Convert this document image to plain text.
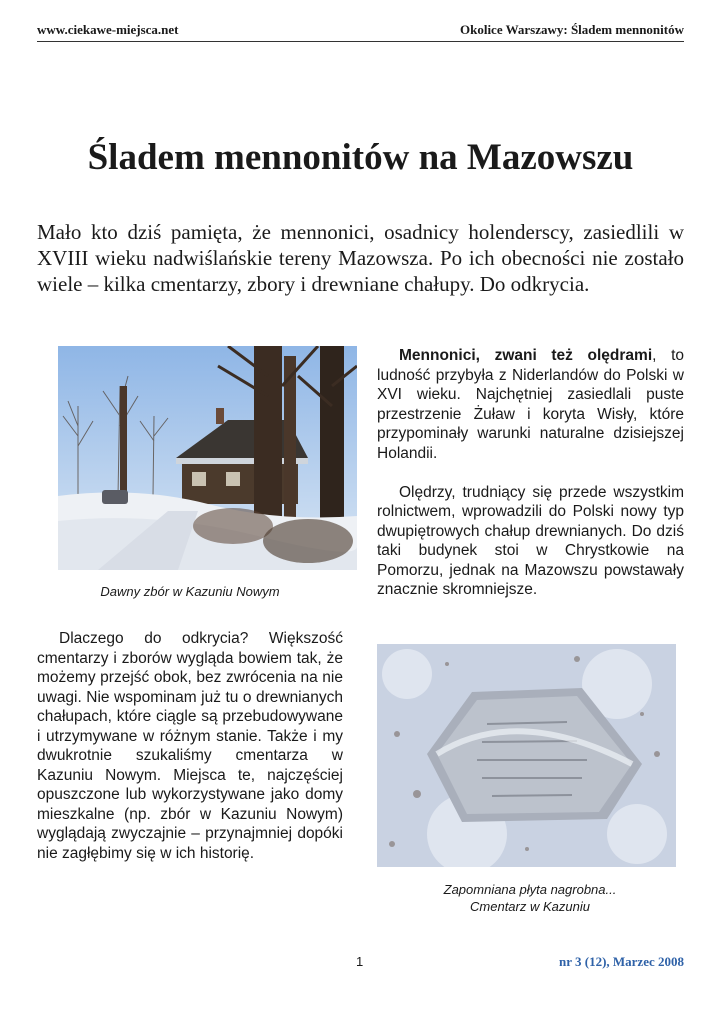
www.ciekawe-miejsca.net	Okolice Warszawy: Śladem mennonitów
Śladem mennonitów na Mazowszu

Mało kto dziś pamięta, że mennonici, osadnicy holenderscy, zasiedlili w XVIII wieku nadwiślańskie tereny Mazowsza. Po ich obecności nie zostało wiele – kilka cmentarzy, zbory i drewniane chałupy. Do odkrycia.

Dawny zbór w Kazuniu Nowym

Dlaczego do odkrycia? Większość cmentarzy i zborów wygląda bowiem tak, że możemy przejść obok, bez zwrócenia na nie uwagi. Nie wspominam już tu o drewnianych chałupach, które ciągle są przebudowywane i utrzymywane w różnym stanie. Także i my dwukrotnie szukaliśmy cmentarza w Kazuniu Nowym. Miejsca te, najczęściej opuszczone lub wykorzystywane jako domy mieszkalne (np. zbór w Kazuniu Nowym) wyglądają zwyczajnie – przynajmniej dopóki nie zagłębimy się w ich historię.

Mennonici, zwani też olędrami, to ludność przybyła z Niderlandów do Polski w XVI wieku. Najchętniej zasiedlali puste przestrzenie Żuław i koryta Wisły, które przypominały warunki naturalne dzisiejszej Holandii.

Olędrzy, trudniący się przede wszystkim rolnictwem, wprowadzili do Polski nowy typ dwupiętrowych chałup drewnianych. Do dziś taki budynek stoi w Chrystkowie na Pomorzu, jednak na Mazowszu powstawały znacznie skromniejsze.

Zapomniana płyta nagrobna...
Cmentarz w Kazuniu
1	nr 3 (12), Marzec 2008
